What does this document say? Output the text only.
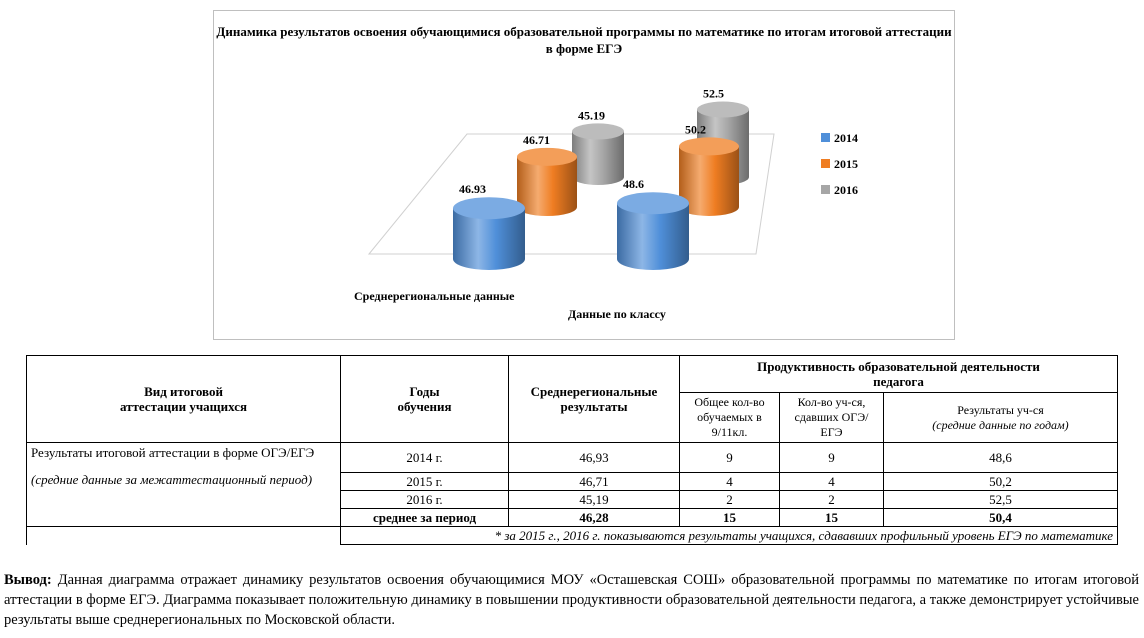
Динамика результатов освоения обучающимися образовательной программы по математике по итогам итоговой аттестации в форме ЕГЭ
45.19
52.5
46.71
50.2
46.93	48.6
2014
2015
2016
Среднерегиональные данные
Данные по классу
Вид итоговой аттестации учащихся	Годы обучения	Среднерегиональные результаты	Продуктивность образовательной деятельности педагога		

			Общее кол-во обучаемых в 9/11кл.	Кол-во уч-ся, сдавших ОГЭ/ ЕГЭ	Результаты уч-ся
(средние данные по годам)

Результаты итоговой аттестации в форме ОГЭ/ЕГЭ
(средние данные за межаттестационный период)	2014 г.	46,93	9	9	48,6
	2015 г.	46,71	4	4	50,2
	2016 г.	45,19	2	2	52,5
	среднее за период	46,28	15	15	50,4
	* за 2015 г., 2016 г. показываются результаты учащихся, сдававших профильный уровень ЕГЭ по математике				
Вывод: Данная диаграмма отражает динамику результатов освоения обучающимися МОУ «Осташевская СОШ» образовательной программы по математике по итогам итоговой аттестации в форме ЕГЭ. Диаграмма показывает положительную динамику в повышении продуктивности образовательной деятельности педагога, а также демонстрирует устойчивые результаты выше среднерегиональных по Московской области.
